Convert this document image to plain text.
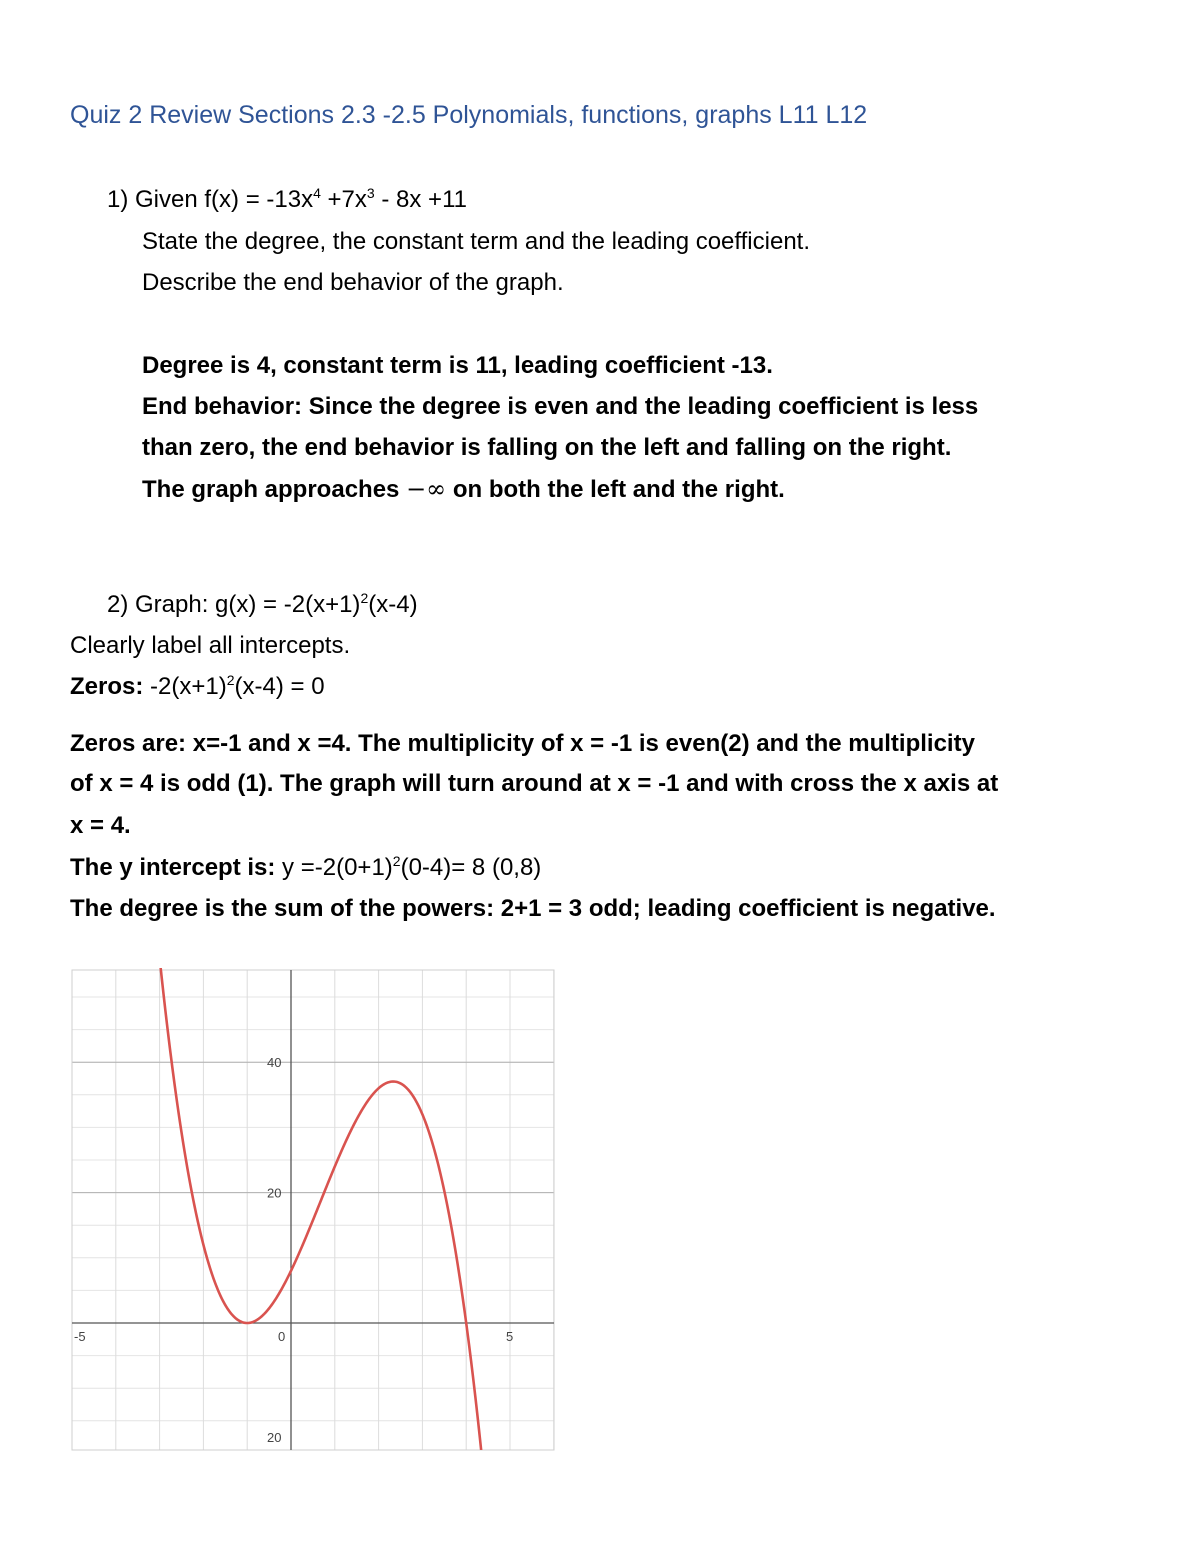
Quiz 2 Review Sections 2.3 -2.5 Polynomials, functions, graphs L11 L12
1) Given $f(x) = -13x^4 +7x^3 - 8x +11$
State the degree, the constant term and the leading coefficient.
Describe the end behavior of the graph.
Degree is 4, constant term is 11, leading coefficient -13.
End behavior: Since the degree is even and the leading coefficient is less
than zero, the end behavior is falling on the left and falling on the right.
The graph approaches −∞ on both the left and the right.
2) Graph: $g(x) = -2(x+1)^2(x-4)$
Clearly label all intercepts.
Zeros: $-2(x+1)^2(x-4) = 0$
Zeros are: x=-1 and x =4. The multiplicity of x = -1 is even(2) and the multiplicity
of x = 4 is odd (1). The graph will turn around at x = -1 and with cross the x axis at
x = 4.
The y intercept is: $y =-2(0+1)^2(0-4)= 8$ (0,8)
The degree is the sum of the powers: 2+1 = 3 odd; leading coefficient is negative.
-5	0	5
40
20
20
